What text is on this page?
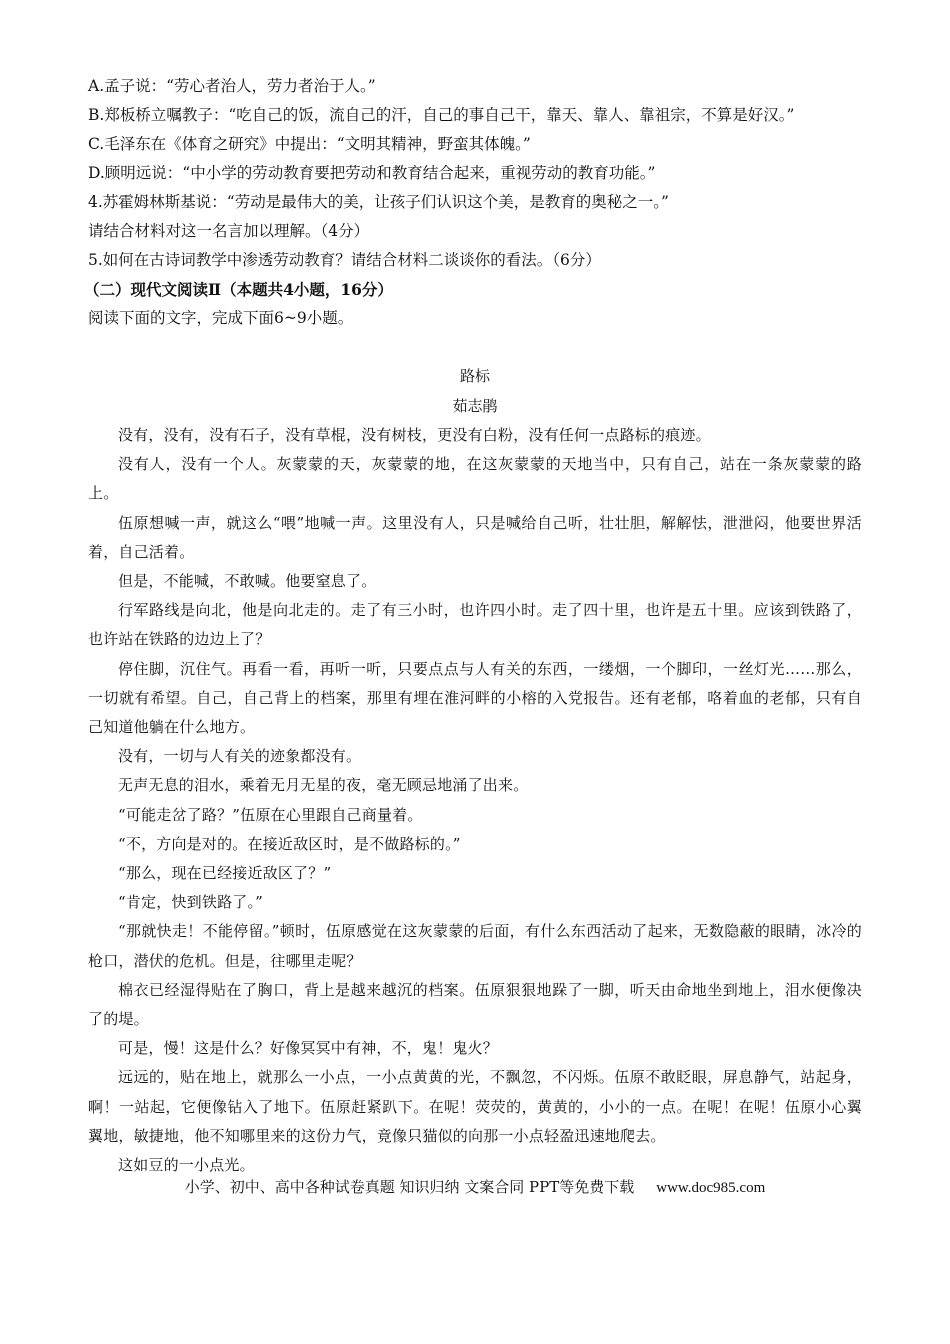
A.孟子说：“劳心者治人，劳力者治于人。”
B.郑板桥立嘱教子：“吃自己的饭，流自己的汗，自己的事自己干，靠天、靠人、靠祖宗，不算是好汉。”
C.毛泽东在《体育之研究》中提出：“文明其精神，野蛮其体魄。”
D.顾明远说：“中小学的劳动教育要把劳动和教育结合起来，重视劳动的教育功能。”
4.苏霍姆林斯基说：“劳动是最伟大的美，让孩子们认识这个美，是教育的奥秘之一。”
请结合材料对这一名言加以理解。（4分）
5.如何在古诗词教学中渗透劳动教育？请结合材料二谈谈你的看法。（6分）
（二）现代文阅读Ⅱ（本题共4小题，16分）
阅读下面的文字，完成下面6~9小题。
路标
茹志鹃

没有，没有，没有石子，没有草棍，没有树枝，更没有白粉，没有任何一点路标的痕迹。

没有人，没有一个人。灰蒙蒙的天，灰蒙蒙的地，在这灰蒙蒙的天地当中，只有自己，站在一条灰蒙蒙的路上。

伍原想喊一声，就这么“喂”地喊一声。这里没有人，只是喊给自己听，壮壮胆，解解怯，泄泄闷，他要世界活着，自己活着。

但是，不能喊，不敢喊。他要窒息了。

行军路线是向北，他是向北走的。走了有三小时，也许四小时。走了四十里，也许是五十里。应该到铁路了，也许站在铁路的边边上了？

停住脚，沉住气。再看一看，再听一听，只要点点与人有关的东西，一缕烟，一个脚印，一丝灯光……那么，一切就有希望。自己，自己背上的档案，那里有埋在淮河畔的小榕的入党报告。还有老郁，咯着血的老郁，只有自己知道他躺在什么地方。

没有，一切与人有关的迹象都没有。

无声无息的泪水，乘着无月无星的夜，毫无顾忌地涌了出来。

“可能走岔了路？”伍原在心里跟自己商量着。

“不，方向是对的。在接近敌区时，是不做路标的。”

“那么，现在已经接近敌区了？”

“肯定，快到铁路了。”

“那就快走！不能停留。”顿时，伍原感觉在这灰蒙蒙的后面，有什么东西活动了起来，无数隐蔽的眼睛，冰冷的枪口，潜伏的危机。但是，往哪里走呢？

棉衣已经湿得贴在了胸口，背上是越来越沉的档案。伍原狠狠地跺了一脚，听天由命地坐到地上，泪水便像决了的堤。

可是，慢！这是什么？好像冥冥中有神，不，鬼！鬼火？

远远的，贴在地上，就那么一小点，一小点黄黄的光，不飘忽，不闪烁。伍原不敢眨眼，屏息静气，站起身，啊！一站起，它便像钻入了地下。伍原赶紧趴下。在呢！荧荧的，黄黄的，小小的一点。在呢！在呢！伍原小心翼翼地，敏捷地，他不知哪里来的这份力气，竟像只猫似的向那一小点轻盈迅速地爬去。

这如豆的一小点光。

小学、初中、高中各种试卷真题 知识归纳 文案合同 PPT等免费下载 www.doc985.com
